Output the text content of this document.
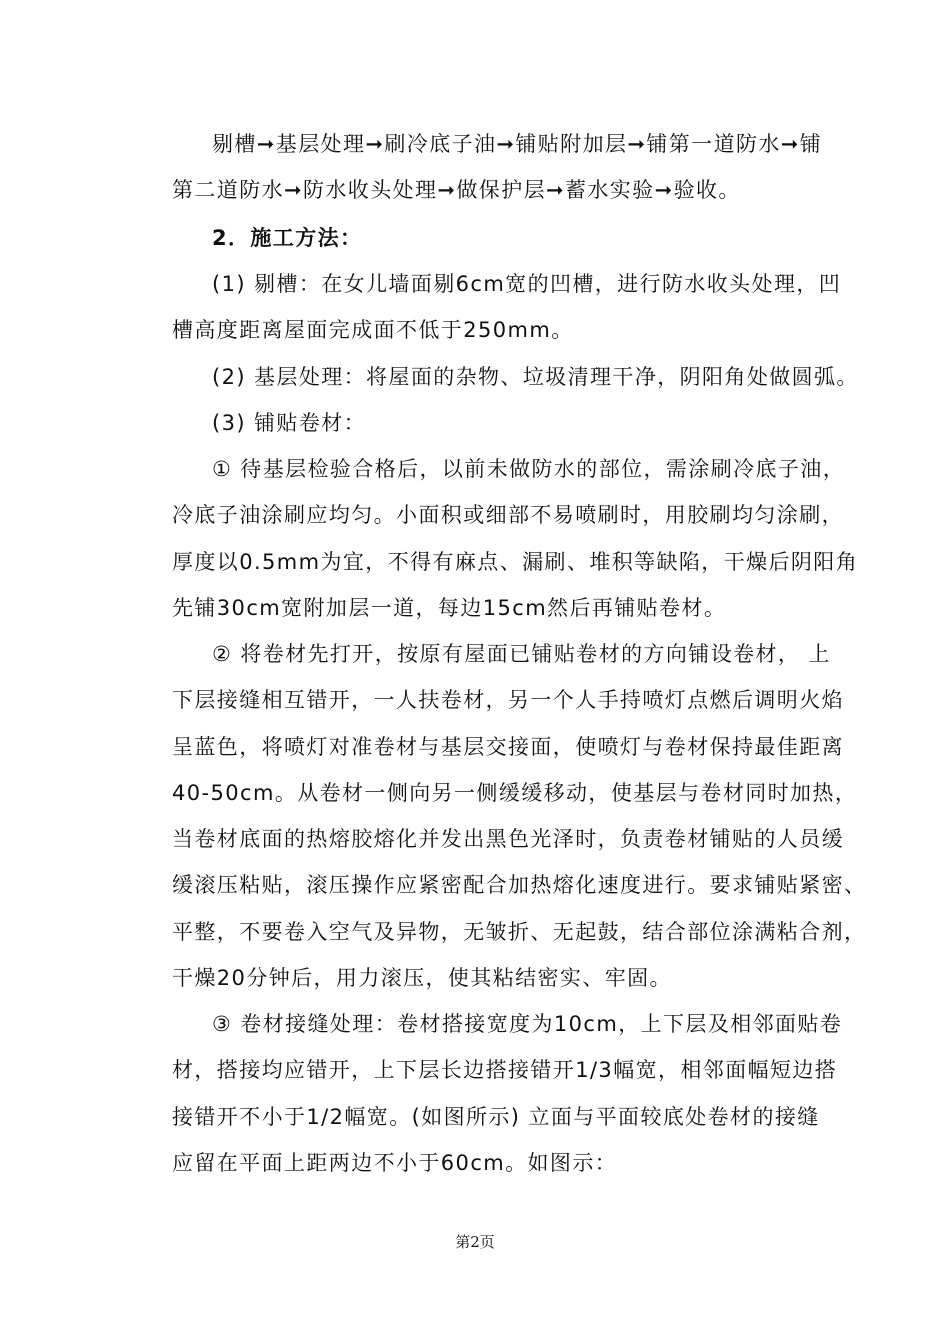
剔槽➞基层处理➞刷冷底子油➞铺贴附加层➞铺第一道防水➞铺
第二道防水➞防水收头处理➞做保护层➞蓄水实验➞验收。
2．施工方法：
(1) 剔槽：在女儿墙面剔6cm宽的凹槽，进行防水收头处理，凹
槽高度距离屋面完成面不低于250mm。
(2) 基层处理：将屋面的杂物、垃圾清理干净，阴阳角处做圆弧。
(3) 铺贴卷材：
① 待基层检验合格后，以前未做防水的部位，需涂刷冷底子油，
冷底子油涂刷应均匀。小面积或细部不易喷刷时，用胶刷均匀涂刷，
厚度以0.5mm为宜，不得有麻点、漏刷、堆积等缺陷，干燥后阴阳角
先铺30cm宽附加层一道，每边15cm然后再铺贴卷材。
② 将卷材先打开，按原有屋面已铺贴卷材的方向铺设卷材， 上
下层接缝相互错开，一人扶卷材，另一个人手持喷灯点燃后调明火焰
呈蓝色，将喷灯对准卷材与基层交接面，使喷灯与卷材保持最佳距离
40-50cm。从卷材一侧向另一侧缓缓移动，使基层与卷材同时加热，
当卷材底面的热熔胶熔化并发出黑色光泽时，负责卷材铺贴的人员缓
缓滚压粘贴，滚压操作应紧密配合加热熔化速度进行。要求铺贴紧密、
平整，不要卷入空气及异物，无皱折、无起鼓，结合部位涂满粘合剂，
干燥20分钟后，用力滚压，使其粘结密实、牢固。
③ 卷材接缝处理：卷材搭接宽度为10cm，上下层及相邻面贴卷
材，搭接均应错开，上下层长边搭接错开1/3幅宽，相邻面幅短边搭
接错开不小于1/2幅宽。(如图所示) 立面与平面较底处卷材的接缝
应留在平面上距两边不小于60cm。如图示：
第2页
